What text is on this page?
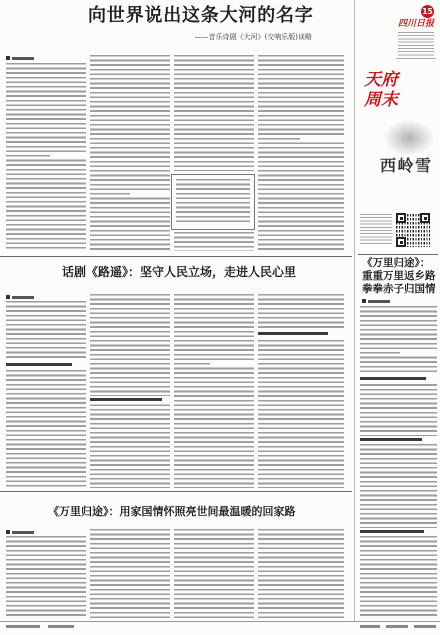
向世界说出这条大河的名字
——音乐诗剧《大河》(交响乐版)谈略
话剧《路遥》：坚守人民立场，走进人民心里
《万里归途》：用家国情怀照亮世间最温暖的回家路
15
四川日报
天府周末
西岭雪
《万里归途》：
重重万里返乡路
拳拳赤子归国情
